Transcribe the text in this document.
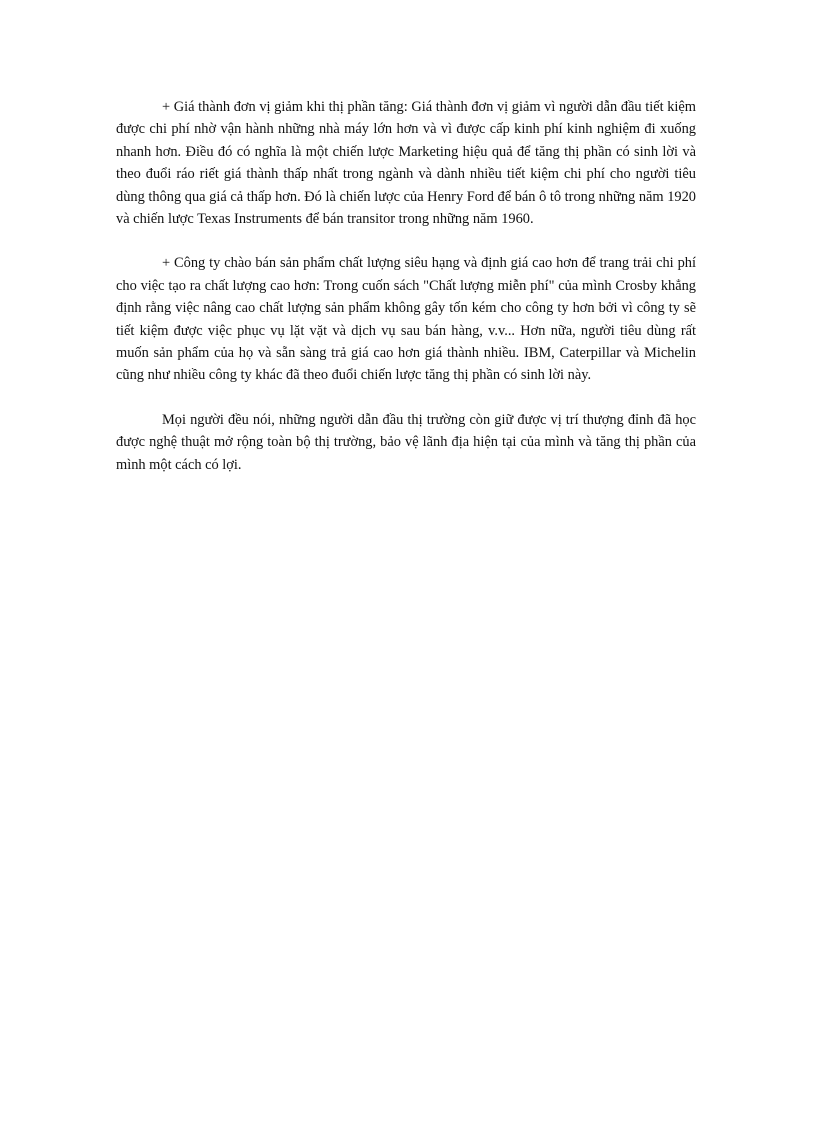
+ Giá thành đơn vị giảm khi thị phần tăng: Giá thành đơn vị giảm vì người dẫn đầu tiết kiệm được chi phí nhờ vận hành những nhà máy lớn hơn và vì được cấp kinh phí kinh nghiệm đi xuống nhanh hơn. Điều đó có nghĩa là một chiến lược Marketing hiệu quả để tăng thị phần có sinh lời và theo đuổi ráo riết giá thành thấp nhất trong ngành và dành nhiều tiết kiệm chi phí cho người tiêu dùng thông qua giá cả thấp hơn. Đó là chiến lược của Henry Ford để bán ô tô trong những năm 1920 và chiến lược Texas Instruments để bán transitor trong những năm 1960.

+ Công ty chào bán sản phẩm chất lượng siêu hạng và định giá cao hơn để trang trải chi phí cho việc tạo ra chất lượng cao hơn: Trong cuốn sách "Chất lượng miễn phí" của mình Crosby khẳng định rằng việc nâng cao chất lượng sản phẩm không gây tốn kém cho công ty hơn bởi vì công ty sẽ tiết kiệm được việc phục vụ lặt vặt và dịch vụ sau bán hàng, v.v... Hơn nữa, người tiêu dùng rất muốn sản phẩm của họ và sẵn sàng trả giá cao hơn giá thành nhiều. IBM, Caterpillar và Michelin cũng như nhiều công ty khác đã theo đuổi chiến lược tăng thị phần có sinh lời này.

Mọi người đều nói, những người dẫn đầu thị trường còn giữ được vị trí thượng đỉnh đã học được nghệ thuật mở rộng toàn bộ thị trường, bảo vệ lãnh địa hiện tại của mình và tăng thị phần của mình một cách có lợi.
